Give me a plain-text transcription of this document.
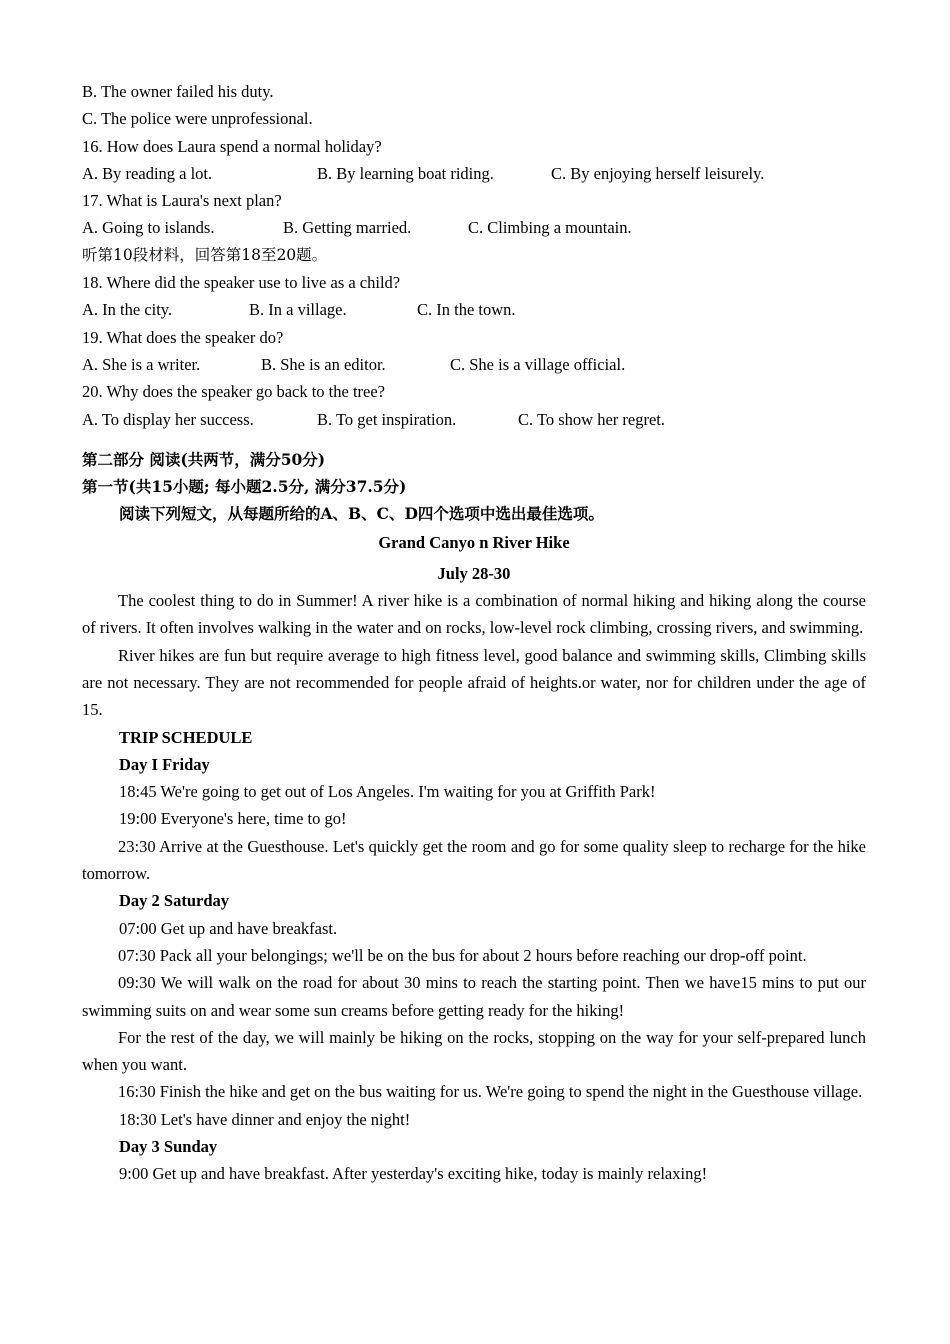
B. The owner failed his duty.
C. The police were unprofessional.
16. How does Laura spend a normal holiday?
A. By reading a lot.	B. By learning boat riding.	C. By enjoying herself leisurely.
17. What is Laura's next plan?
A. Going to islands.	B. Getting married.	C. Climbing a mountain.
听第10段材料，回答第18至20题。
18. Where did the speaker use to live as a child?
A. In the city.	B. In a village.	C. In the town.
19. What does the speaker do?
A. She is a writer.	B. She is an editor.	C. She is a village official.
20. Why does the speaker go back to the tree?
A. To display her success.	B. To get inspiration.	C. To show her regret.
第二部分 阅读(共两节，满分50分)
第一节(共15小题; 每小题2.5分, 满分37.5分)
阅读下列短文，从每题所给的A、B、C、D四个选项中选出最佳选项。
Grand Canyo n River Hike
July 28-30
The coolest thing to do in Summer! A river hike is a combination of normal hiking and hiking along the course of rivers. It often involves walking in the water and on rocks, low-level rock climbing, crossing rivers, and swimming.
River hikes are fun but require average to high fitness level, good balance and swimming skills, Climbing skills are not necessary. They are not recommended for people afraid of heights.or water, nor for children under the age of 15.
TRIP SCHEDULE
Day I Friday
18:45 We're going to get out of Los Angeles. I'm waiting for you at Griffith Park!
19:00 Everyone's here, time to go!
23:30 Arrive at the Guesthouse. Let's quickly get the room and go for some quality sleep to recharge for the hike tomorrow.
Day 2 Saturday
07:00 Get up and have breakfast.
07:30 Pack all your belongings; we'll be on the bus for about 2 hours before reaching our drop-off point.
09:30 We will walk on the road for about 30 mins to reach the starting point. Then we have15 mins to put our swimming suits on and wear some sun creams before getting ready for the hiking!
For the rest of the day, we will mainly be hiking on the rocks, stopping on the way for your self-prepared lunch when you want.
16:30 Finish the hike and get on the bus waiting for us. We're going to spend the night in the Guesthouse village.
18:30 Let's have dinner and enjoy the night!
Day 3 Sunday
9:00 Get up and have breakfast. After yesterday's exciting hike, today is mainly relaxing!
